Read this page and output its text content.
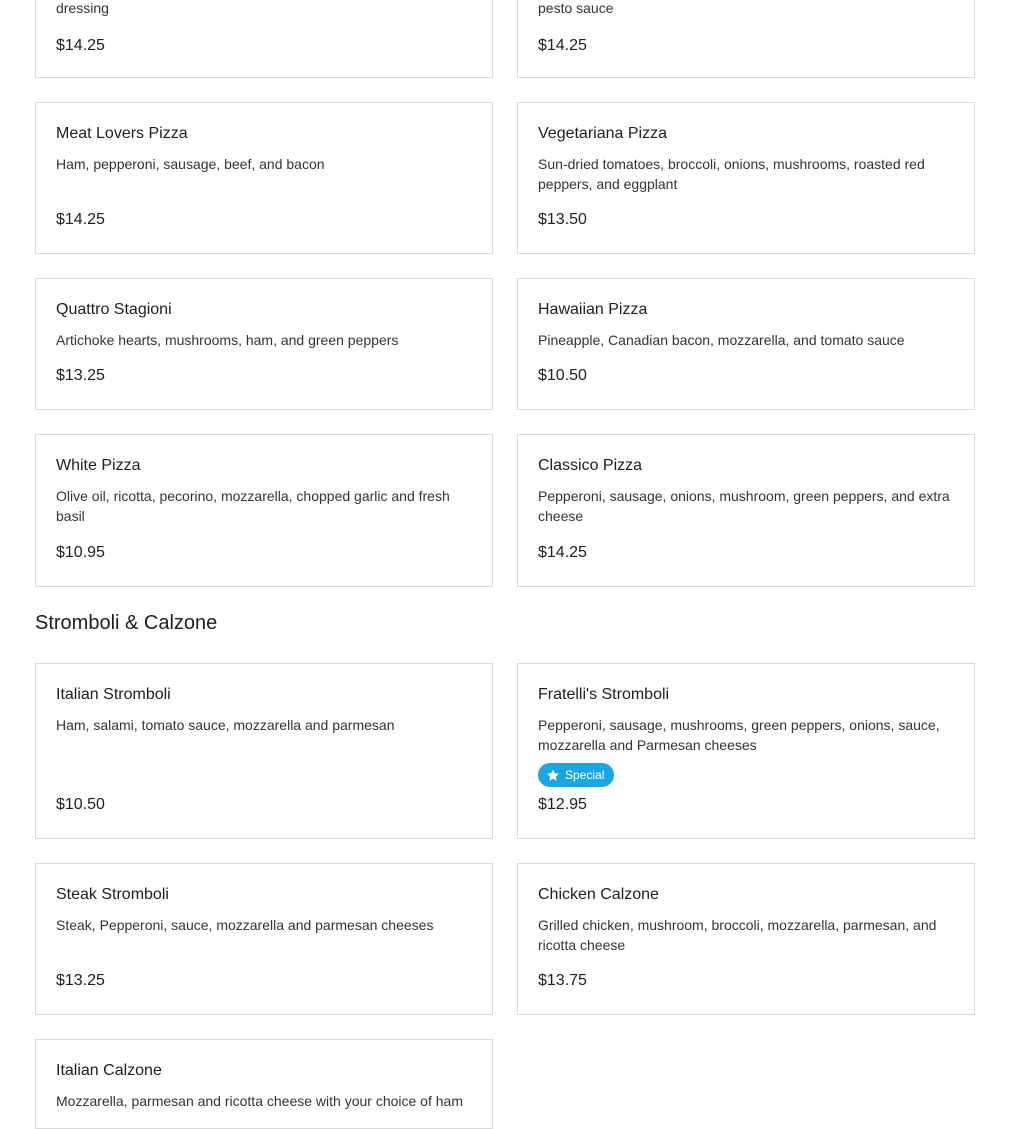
dressing
$14.25
pesto sauce
$14.25
Meat Lovers Pizza
Ham, pepperoni, sausage, beef, and bacon
$14.25
Vegetariana Pizza
Sun-dried tomatoes, broccoli, onions, mushrooms, roasted red peppers, and eggplant
$13.50
Quattro Stagioni
Artichoke hearts, mushrooms, ham, and green peppers
$13.25
Hawaiian Pizza
Pineapple, Canadian bacon, mozzarella, and tomato sauce
$10.50
White Pizza
Olive oil, ricotta, pecorino, mozzarella, chopped garlic and fresh basil
$10.95
Classico Pizza
Pepperoni, sausage, onions, mushroom, green peppers, and extra cheese
$14.25
Stromboli & Calzone
Italian Stromboli
Ham, salami, tomato sauce, mozzarella and parmesan
$10.50
Fratelli's Stromboli
Pepperoni, sausage, mushrooms, green peppers, onions, sauce, mozzarella and Parmesan cheeses
Special
$12.95
Steak Stromboli
Steak, Pepperoni, sauce, mozzarella and parmesan cheeses
$13.25
Chicken Calzone
Grilled chicken, mushroom, broccoli, mozzarella, parmesan, and ricotta cheese
$13.75
Italian Calzone
Mozzarella, parmesan and ricotta cheese with your choice of ham
